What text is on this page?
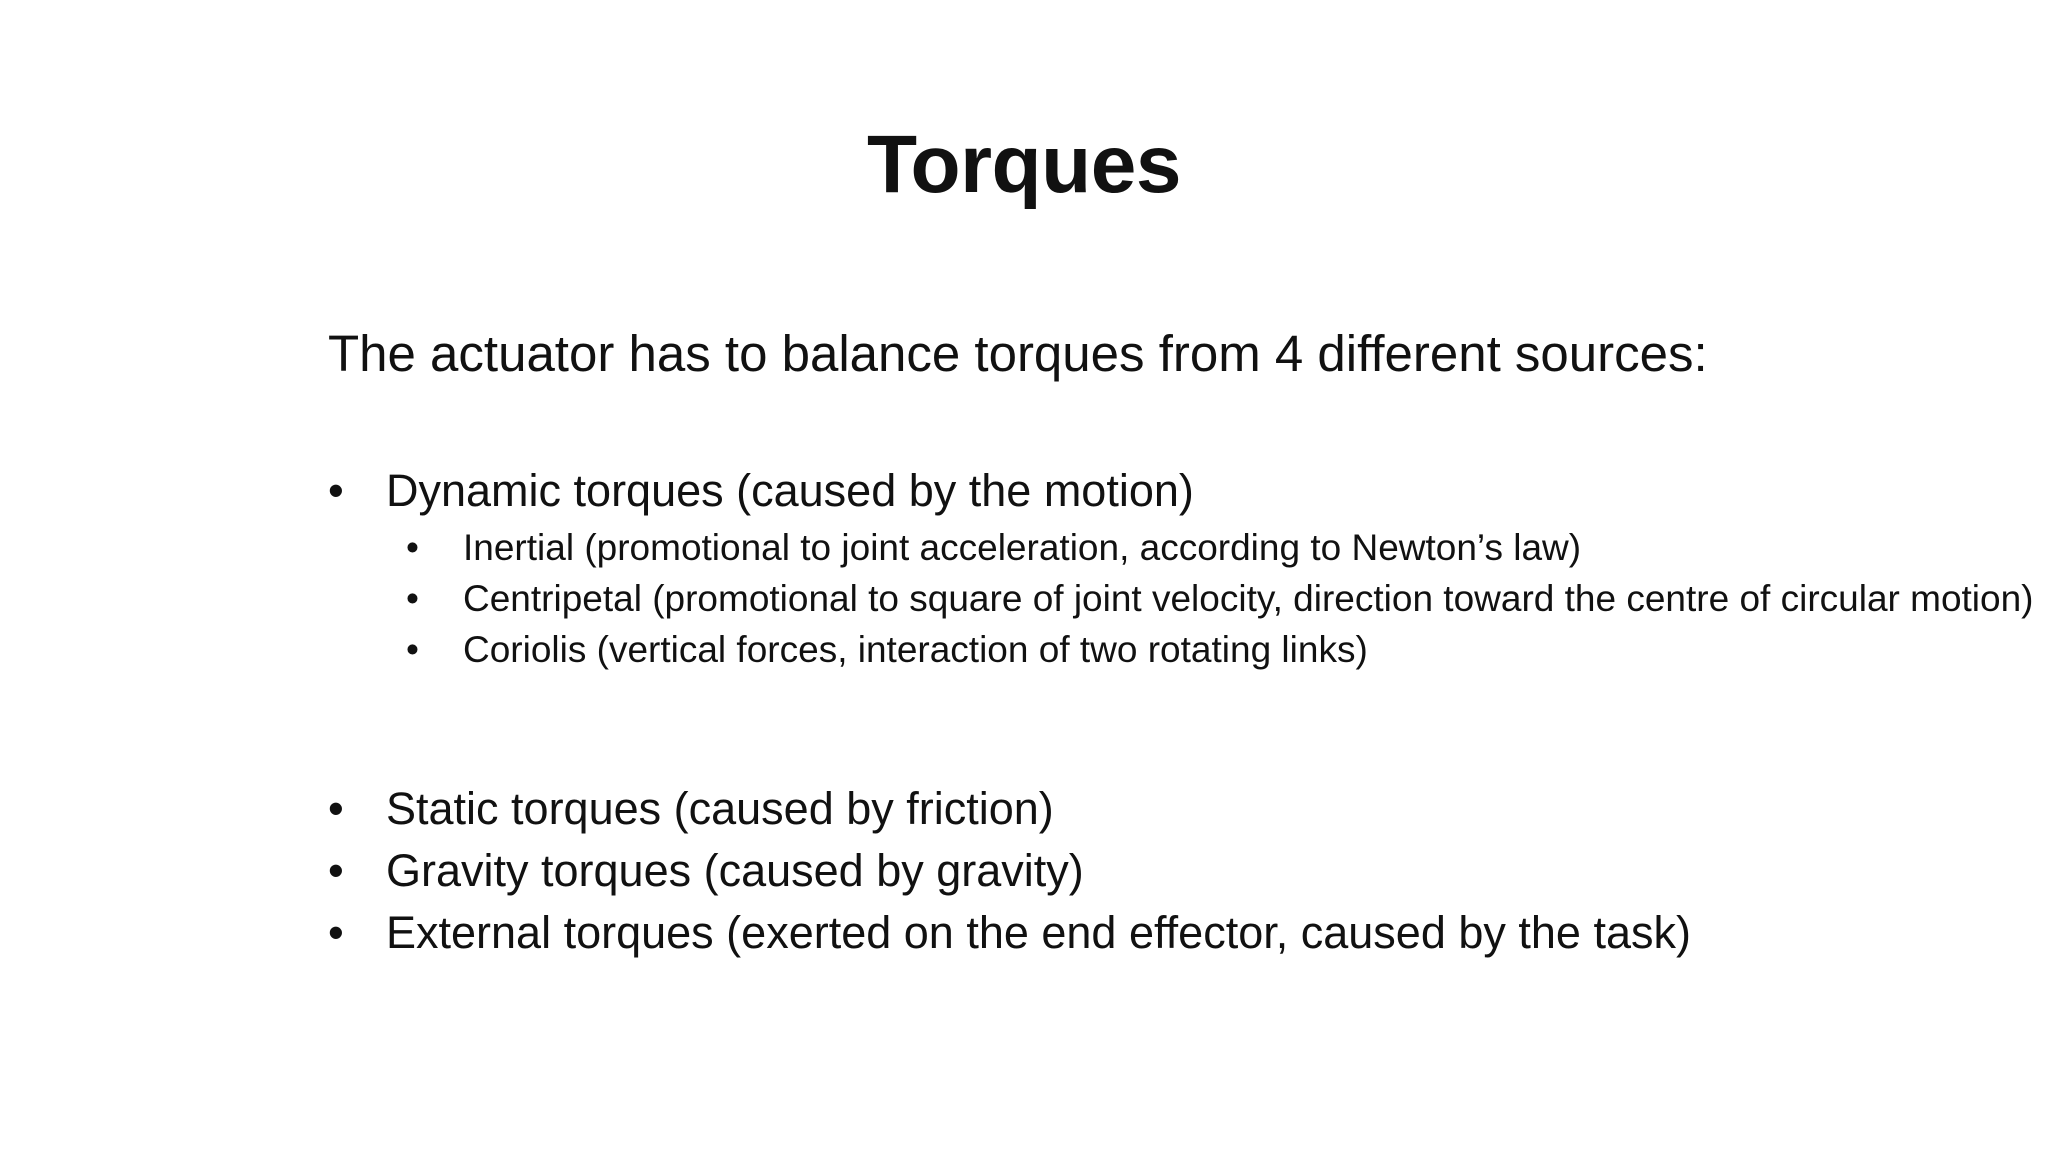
Torques

The actuator has to balance torques from 4 different sources:

•
Dynamic torques (caused by the motion)
•
Inertial (promotional to joint acceleration, according to Newton’s law)
•
Centripetal (promotional to square of joint velocity, direction toward the centre of circular motion)
•
Coriolis (vertical forces, interaction of two rotating links)
•
Static torques (caused by friction)
•
Gravity torques (caused by gravity)
•
External torques (exerted on the end effector, caused by the task)
